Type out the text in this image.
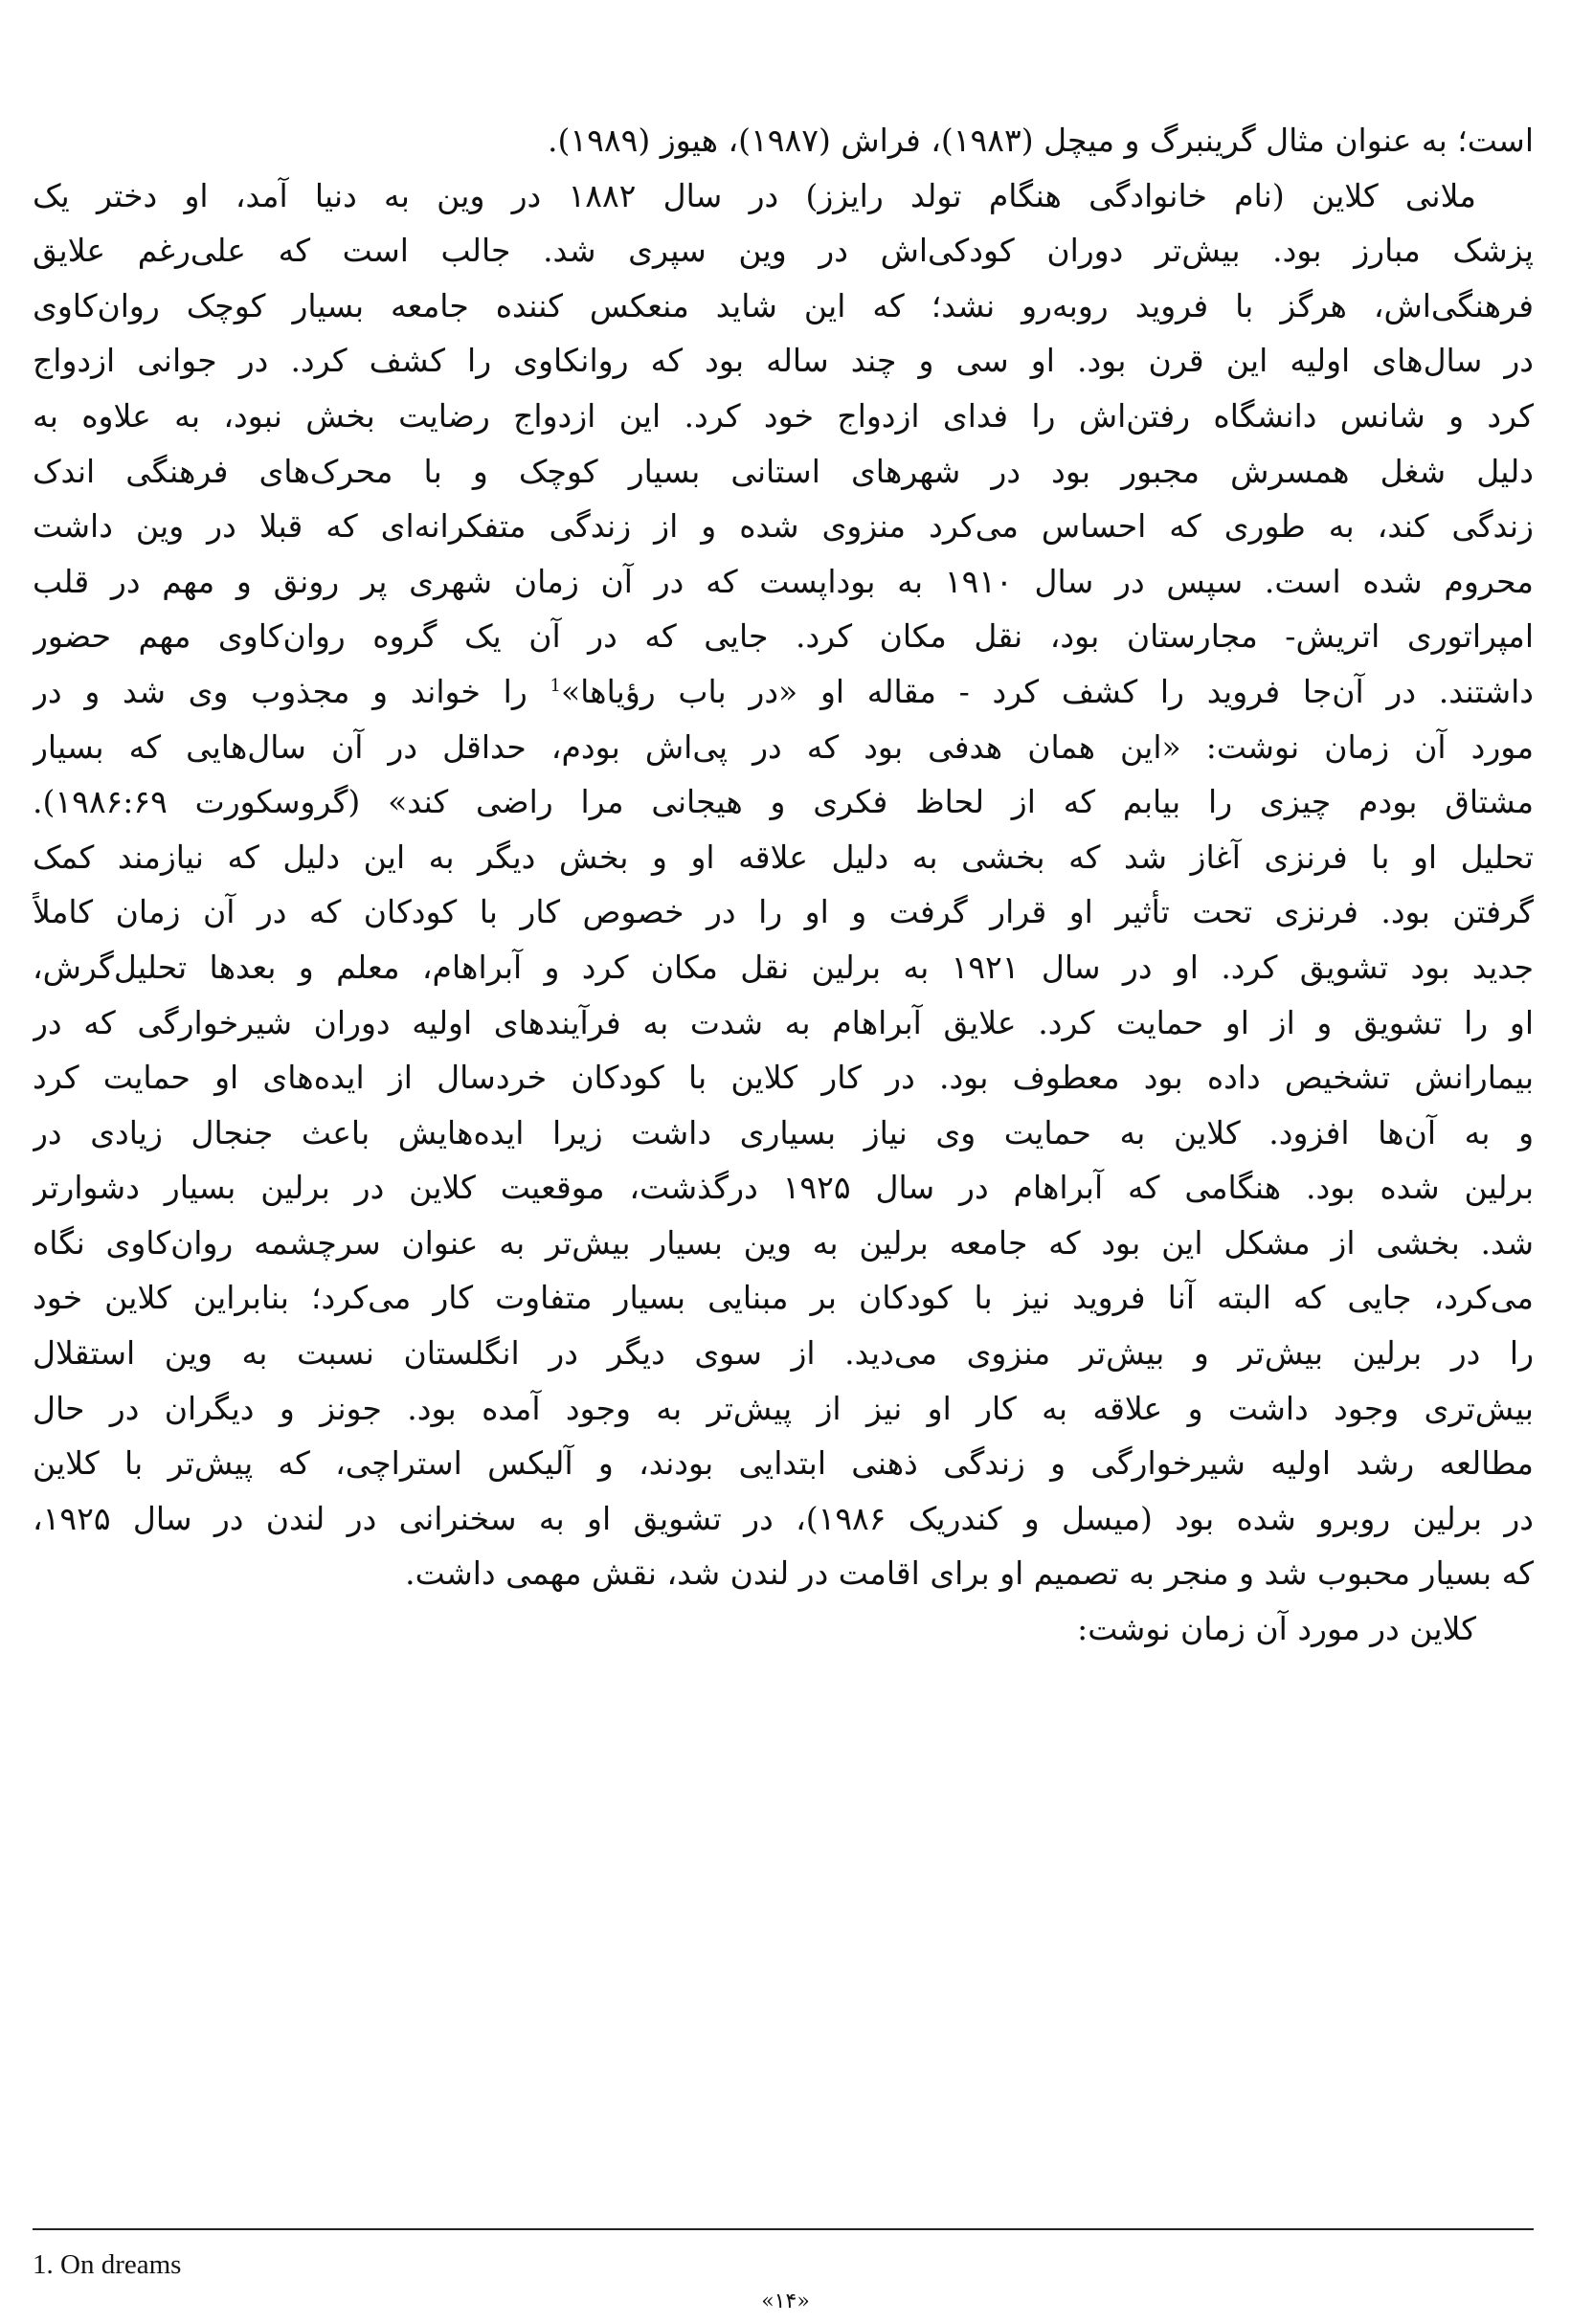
است؛ به عنوان مثال گرینبرگ و میچل (۱۹۸۳)، فراش (۱۹۸۷)، هیوز (۱۹۸۹).
ملانی کلاین (نام خانوادگی هنگام تولد رایزز) در سال ۱۸۸۲ در وین به دنیا آمد، او دختر یک
پزشک مبارز بود. بیش‌تر دوران کودکی‌اش در وین سپری شد. جالب است که علی‌رغم علایق
فرهنگی‌اش، هرگز با فروید روبه‌رو نشد؛ که این شاید منعکس کننده جامعه بسیار کوچک روان‌کاوی
در سال‌های اولیه این قرن بود. او سی و چند ساله بود که روانکاوی را کشف کرد. در جوانی ازدواج
کرد و شانس دانشگاه رفتن‌اش را فدای ازدواج خود کرد. این ازدواج رضایت بخش نبود، به علاوه به
دلیل شغل همسرش مجبور بود در شهرهای استانی بسیار کوچک و با محرک‌های فرهنگی اندک
زندگی کند، به طوری که احساس می‌کرد منزوی شده و از زندگی متفکرانه‌ای که قبلا در وین داشت
محروم شده است. سپس در سال ۱۹۱۰ به بوداپست که در آن زمان شهری پر رونق و مهم در قلب
امپراتوری اتریش- مجارستان بود، نقل مکان کرد. جایی که در آن یک گروه روان‌کاوی مهم حضور
داشتند. در آن‌جا فروید را کشف کرد - مقاله او «در باب رؤیاها»$^1$ را خواند و مجذوب وی شد و در
مورد آن زمان نوشت: «این همان هدفی بود که در پی‌اش بودم، حداقل در آن سال‌هایی که بسیار
مشتاق بودم چیزی را بیابم که از لحاظ فکری و هیجانی مرا راضی کند» (گروسکورت ۱۹۸۶:۶۹).
تحلیل او با فرنزی آغاز شد که بخشی به دلیل علاقه او و بخش دیگر به این دلیل که نیازمند کمک
گرفتن بود. فرنزی تحت تأثیر او قرار گرفت و او را در خصوص کار با کودکان که در آن زمان کاملاً
جدید بود تشویق کرد. او در سال ۱۹۲۱ به برلین نقل مکان کرد و آبراهام، معلم و بعدها تحلیل‌گرش،
او را تشویق و از او حمایت کرد. علایق آبراهام به شدت به فرآیندهای اولیه دوران شیرخوارگی که در
بیمارانش تشخیص داده بود معطوف بود. در کار کلاین با کودکان خردسال از ایده‌های او حمایت کرد
و به آن‌ها افزود. کلاین به حمایت وی نیاز بسیاری داشت زیرا ایده‌هایش باعث جنجال زیادی در
برلین شده بود. هنگامی که آبراهام در سال ۱۹۲۵ درگذشت، موقعیت کلاین در برلین بسیار دشوارتر
شد. بخشی از مشکل این بود که جامعه برلین به وین بسیار بیش‌تر به عنوان سرچشمه روان‌کاوی نگاه
می‌کرد، جایی که البته آنا فروید نیز با کودکان بر مبنایی بسیار متفاوت کار می‌کرد؛ بنابراین کلاین خود
را در برلین بیش‌تر و بیش‌تر منزوی می‌دید. از سوی دیگر در انگلستان نسبت به وین استقلال
بیش‌تری وجود داشت و علاقه به کار او نیز از پیش‌تر به وجود آمده بود. جونز و دیگران در حال
مطالعه رشد اولیه شیرخوارگی و زندگی ذهنی ابتدایی بودند، و آلیکس استراچی، که پیش‌تر با کلاین
در برلین روبرو شده بود (میسل و کندریک ۱۹۸۶)، در تشویق او به سخنرانی در لندن در سال ۱۹۲۵،
که بسیار محبوب شد و منجر به تصمیم او برای اقامت در لندن شد، نقش مهمی داشت.
کلاین در مورد آن زمان نوشت:
1. On dreams
«۱۴»
